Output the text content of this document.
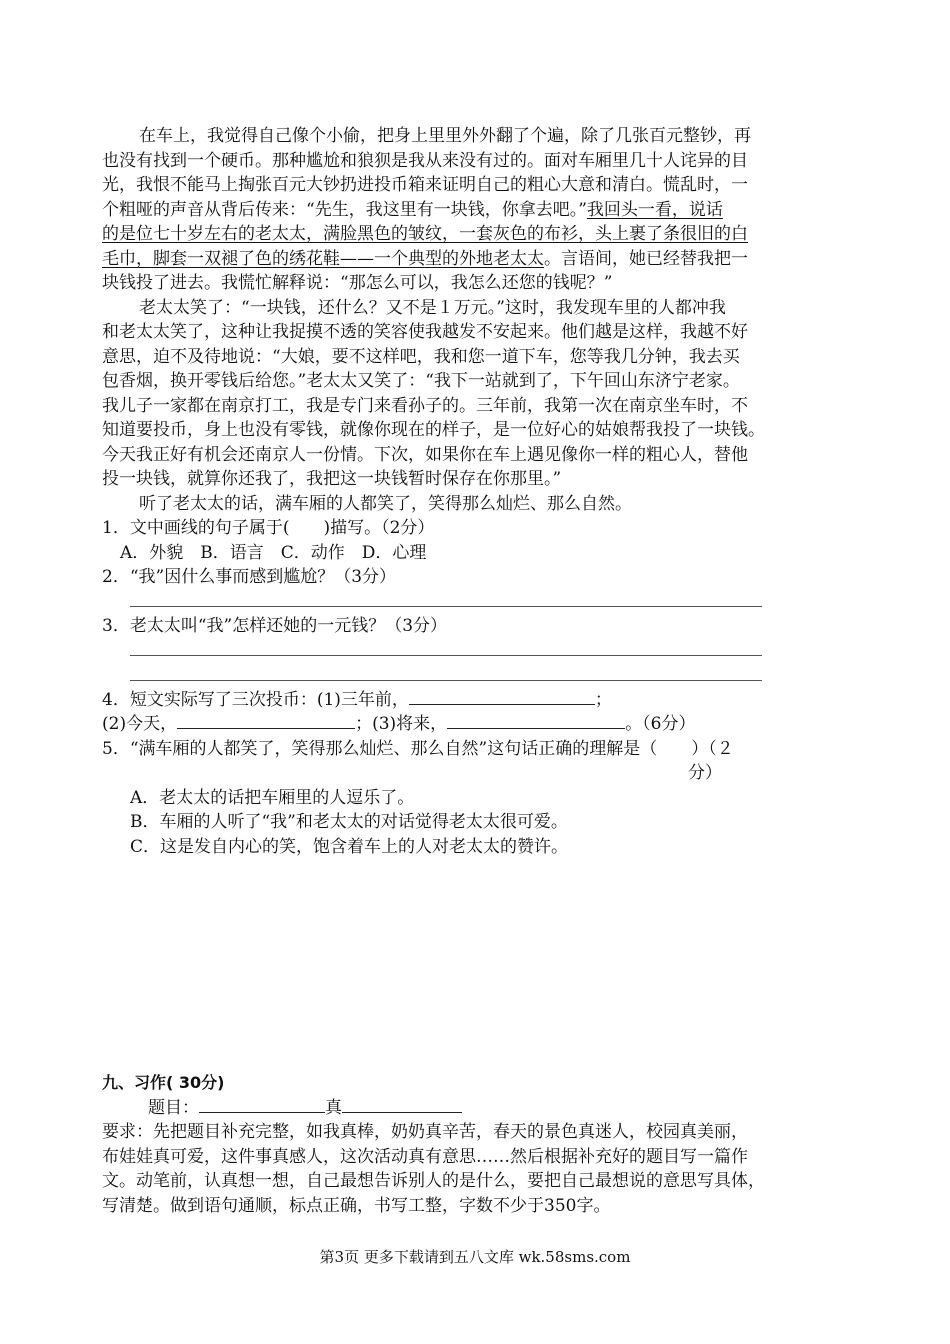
在车上，我觉得自己像个小偷，把身上里里外外翻了个遍，除了几张百元整钞，再
也没有找到一个硬币。那种尴尬和狼狈是我从来没有过的。面对车厢里几十人诧异的目
光，我恨不能马上掏张百元大钞扔进投币箱来证明自己的粗心大意和清白。慌乱时，一
个粗哑的声音从背后传来：“先生，我这里有一块钱，你拿去吧。”我回头一看，说话
的是位七十岁左右的老太太，满脸黑色的皱纹，一套灰色的布衫，头上裹了条很旧的白
毛巾，脚套一双褪了色的绣花鞋——一个典型的外地老太太。言语间，她已经替我把一
块钱投了进去。我慌忙解释说：“那怎么可以，我怎么还您的钱呢？”
老太太笑了：“一块钱，还什么？又不是１万元。”这时，我发现车里的人都冲我
和老太太笑了，这种让我捉摸不透的笑容使我越发不安起来。他们越是这样，我越不好
意思，迫不及待地说：“大娘，要不这样吧，我和您一道下车，您等我几分钟，我去买
包香烟，换开零钱后给您。”老太太又笑了：“我下一站就到了，下午回山东济宁老家。
我儿子一家都在南京打工，我是专门来看孙子的。三年前，我第一次在南京坐车时，不
知道要投币，身上也没有零钱，就像你现在的样子，是一位好心的姑娘帮我投了一块钱。
今天我正好有机会还南京人一份情。下次，如果你在车上遇见像你一样的粗心人，替他
投一块钱，就算你还我了，我把这一块钱暂时保存在你那里。”
听了老太太的话，满车厢的人都笑了，笑得那么灿烂、那么自然。
1．文中画线的句子属于(　　)描写。（2分）
A．外貌　B．语言　C．动作　D．心理
2．“我”因什么事而感到尴尬？（3分）
3．老太太叫“我”怎样还她的一元钱？（3分）
4．短文实际写了三次投币：(1)三年前，	；
(2)今天，	；(3)将来，	。（6分）
5．“满车厢的人都笑了，笑得那么灿烂、那么自然”这句话正确的理解是（　　）（２
分）
A．老太太的话把车厢里的人逗乐了。
B．车厢的人听了“我”和老太太的对话觉得老太太很可爱。
C．这是发自内心的笑，饱含着车上的人对老太太的赞许。
九、习作( 30分)
题目：	真
要求：先把题目补充完整，如我真棒，奶奶真辛苦，春天的景色真迷人，校园真美丽，
布娃娃真可爱，这件事真感人，这次活动真有意思……然后根据补充好的题目写一篇作
文。动笔前，认真想一想，自己最想告诉别人的是什么，要把自己最想说的意思写具体，
写清楚。做到语句通顺，标点正确，书写工整，字数不少于350字。
第3页 更多下载请到五八文库 wk.58sms.com
